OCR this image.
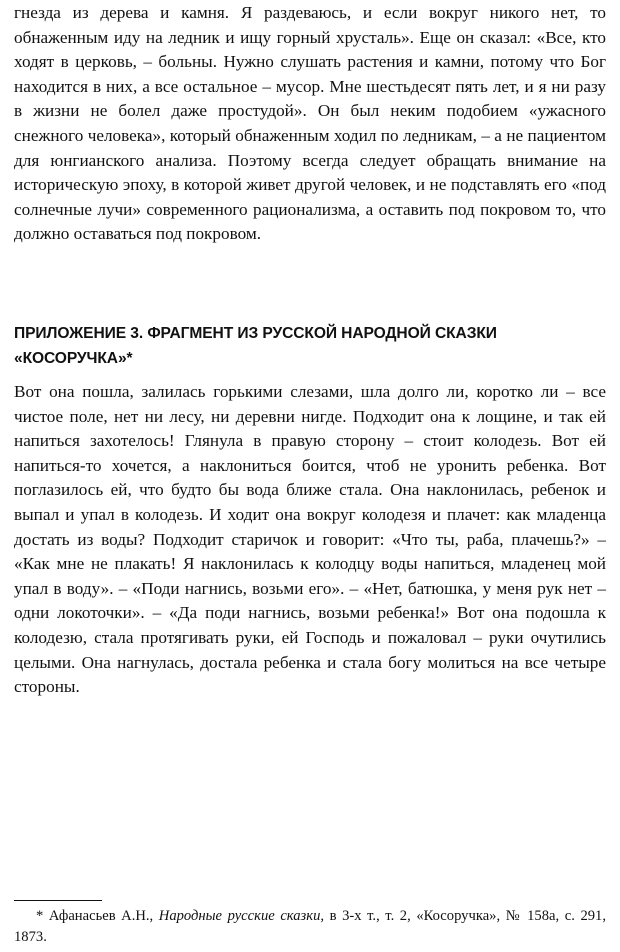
гнезда из дерева и камня. Я раздеваюсь, и если вокруг никого нет, то обнаженным иду на ледник и ищу горный хрусталь». Еще он сказал: «Все, кто ходят в церковь, – больны. Нужно слушать растения и камни, потому что Бог находится в них, а все остальное – мусор. Мне шестьдесят пять лет, и я ни разу в жизни не болел даже простудой». Он был неким подобием «ужасного снежного человека», который обнаженным ходил по ледникам, – а не пациентом для юнгианского анализа. Поэтому всегда следует обращать внимание на историческую эпоху, в которой живет другой человек, и не подставлять его «под солнечные лучи» современного рационализма, а оставить под покровом то, что должно оставаться под покровом.

ПРИЛОЖЕНИЕ 3. ФРАГМЕНТ ИЗ РУССКОЙ НАРОДНОЙ СКАЗКИ
«КОСОРУЧКА»*

Вот она пошла, залилась горькими слезами, шла долго ли, коротко ли – все чистое поле, нет ни лесу, ни деревни нигде. Подходит она к лощине, и так ей напиться захотелось! Глянула в правую сторону – стоит колодезь. Вот ей напиться-то хочется, а наклониться боится, чтоб не уронить ребенка. Вот поглазилось ей, что будто бы вода ближе стала. Она наклонилась, ребенок и выпал и упал в колодезь. И ходит она вокруг колодезя и плачет: как младенца достать из воды? Подходит старичок и говорит: «Что ты, раба, плачешь?» – «Как мне не плакать! Я наклонилась к колодцу воды напиться, младенец мой упал в воду». – «Поди нагнись, возьми его». – «Нет, батюшка, у меня рук нет – одни локоточки». – «Да поди нагнись, возьми ребенка!» Вот она подошла к колодезю, стала протягивать руки, ей Господь и пожаловал – руки очутились целыми. Она нагнулась, достала ребенка и стала богу молиться на все четыре стороны.

* Афанасьев А.Н., Народные русские сказки, в 3-х т., т. 2, «Косоручка», № 158а, с. 291, 1873.
